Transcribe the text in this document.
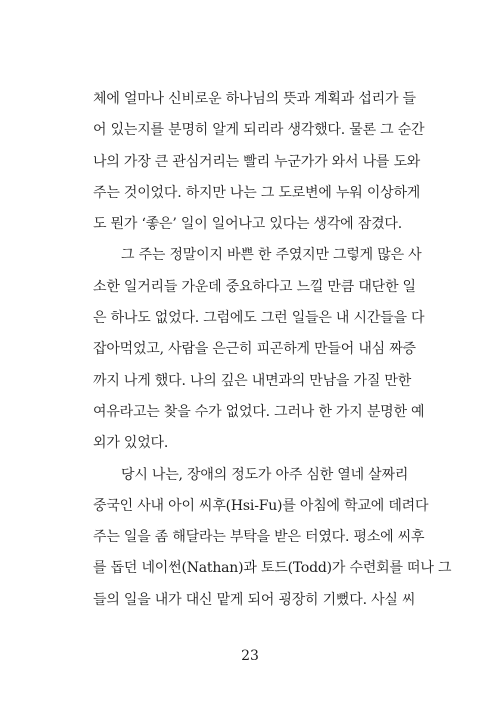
체에 얼마나 신비로운 하나님의 뜻과 계획과 섭리가 들
어 있는지를 분명히 알게 되리라 생각했다. 물론 그 순간
나의 가장 큰 관심거리는 빨리 누군가가 와서 나를 도와
주는 것이었다. 하지만 나는 그 도로변에 누워 이상하게
도 뭔가 ‘좋은’ 일이 일어나고 있다는 생각에 잠겼다.
그 주는 정말이지 바쁜 한 주였지만 그렇게 많은 사
소한 일거리들 가운데 중요하다고 느낄 만큼 대단한 일
은 하나도 없었다. 그럼에도 그런 일들은 내 시간들을 다
잡아먹었고, 사람을 은근히 피곤하게 만들어 내심 짜증
까지 나게 했다. 나의 깊은 내면과의 만남을 가질 만한
여유라고는 찾을 수가 없었다. 그러나 한 가지 분명한 예
외가 있었다.
당시 나는, 장애의 정도가 아주 심한 열네 살짜리
중국인 사내 아이 씨후(Hsi-Fu)를 아침에 학교에 데려다
주는 일을 좀 해달라는 부탁을 받은 터였다. 평소에 씨후
를 돕던 네이썬(Nathan)과 토드(Todd)가 수련회를 떠나 그
들의 일을 내가 대신 맡게 되어 굉장히 기뻤다. 사실 씨
23
